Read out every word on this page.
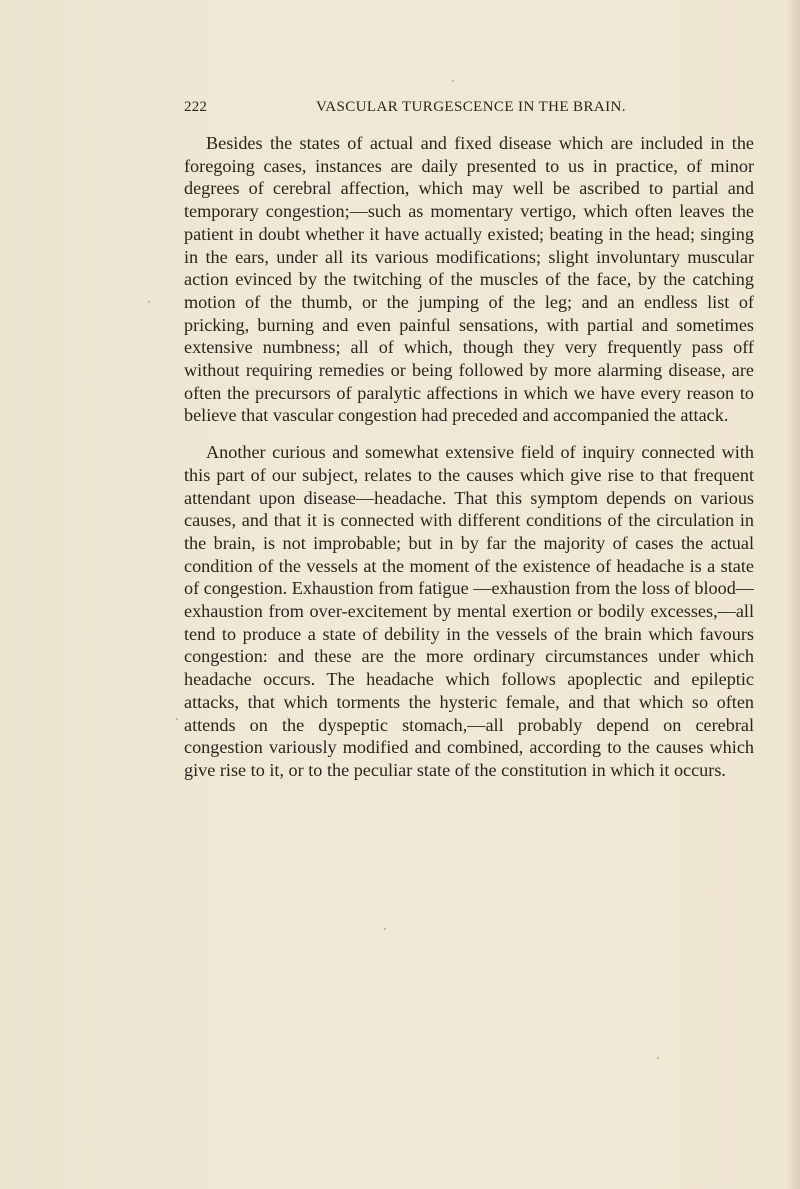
222	VASCULAR TURGESCENCE IN THE BRAIN.

Besides the states of actual and fixed disease which are included in the foregoing cases, instances are daily presented to us in practice, of minor degrees of cerebral affection, which may well be ascribed to partial and temporary congestion;—such as momentary vertigo, which often leaves the patient in doubt whether it have actually existed; beating in the head; singing in the ears, under all its various modifications; slight involuntary muscular action evinced by the twitching of the muscles of the face, by the catching motion of the thumb, or the jumping of the leg; and an endless list of pricking, burning and even painful sensations, with partial and sometimes extensive numbness; all of which, though they very frequently pass off without requiring remedies or being followed by more alarming disease, are often the precursors of paralytic affections in which we have every reason to believe that vascular congestion had preceded and accompanied the attack.

Another curious and somewhat extensive field of inquiry connected with this part of our subject, relates to the causes which give rise to that frequent attendant upon disease—headache. That this symptom depends on various causes, and that it is connected with different conditions of the circulation in the brain, is not improbable; but in by far the majority of cases the actual condition of the vessels at the moment of the existence of headache is a state of congestion. Exhaustion from fatigue —exhaustion from the loss of blood—exhaustion from over-excitement by mental exertion or bodily excesses,—all tend to produce a state of debility in the vessels of the brain which favours congestion: and these are the more ordinary circumstances under which headache occurs. The headache which follows apoplectic and epileptic attacks, that which torments the hysteric female, and that which so often attends on the dyspeptic stomach,—all probably depend on cerebral congestion variously modified and combined, according to the causes which give rise to it, or to the peculiar state of the constitution in which it occurs.
